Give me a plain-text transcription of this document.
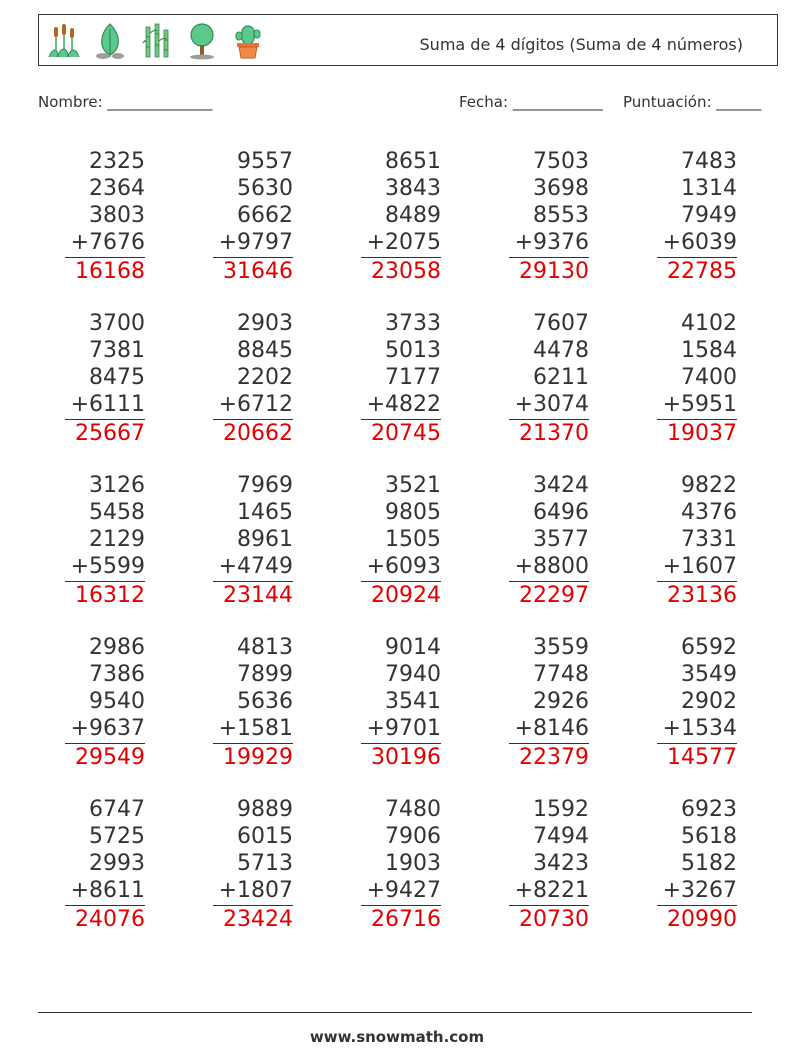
Suma de 4 dígitos (Suma de 4 números)
Nombre: ______________	Fecha: ____________ Puntuación: ______
2325
2364
3803
+7676
16168
9557
5630
6662
+9797
31646
8651
3843
8489
+2075
23058
7503
3698
8553
+9376
29130
7483
1314
7949
+6039
22785
3700
7381
8475
+6111
25667
2903
8845
2202
+6712
20662
3733
5013
7177
+4822
20745
7607
4478
6211
+3074
21370
4102
1584
7400
+5951
19037
3126
5458
2129
+5599
16312
7969
1465
8961
+4749
23144
3521
9805
1505
+6093
20924
3424
6496
3577
+8800
22297
9822
4376
7331
+1607
23136
2986
7386
9540
+9637
29549
4813
7899
5636
+1581
19929
9014
7940
3541
+9701
30196
3559
7748
2926
+8146
22379
6592
3549
2902
+1534
14577
6747
5725
2993
+8611
24076
9889
6015
5713
+1807
23424
7480
7906
1903
+9427
26716
1592
7494
3423
+8221
20730
6923
5618
5182
+3267
20990
www.snowmath.com
